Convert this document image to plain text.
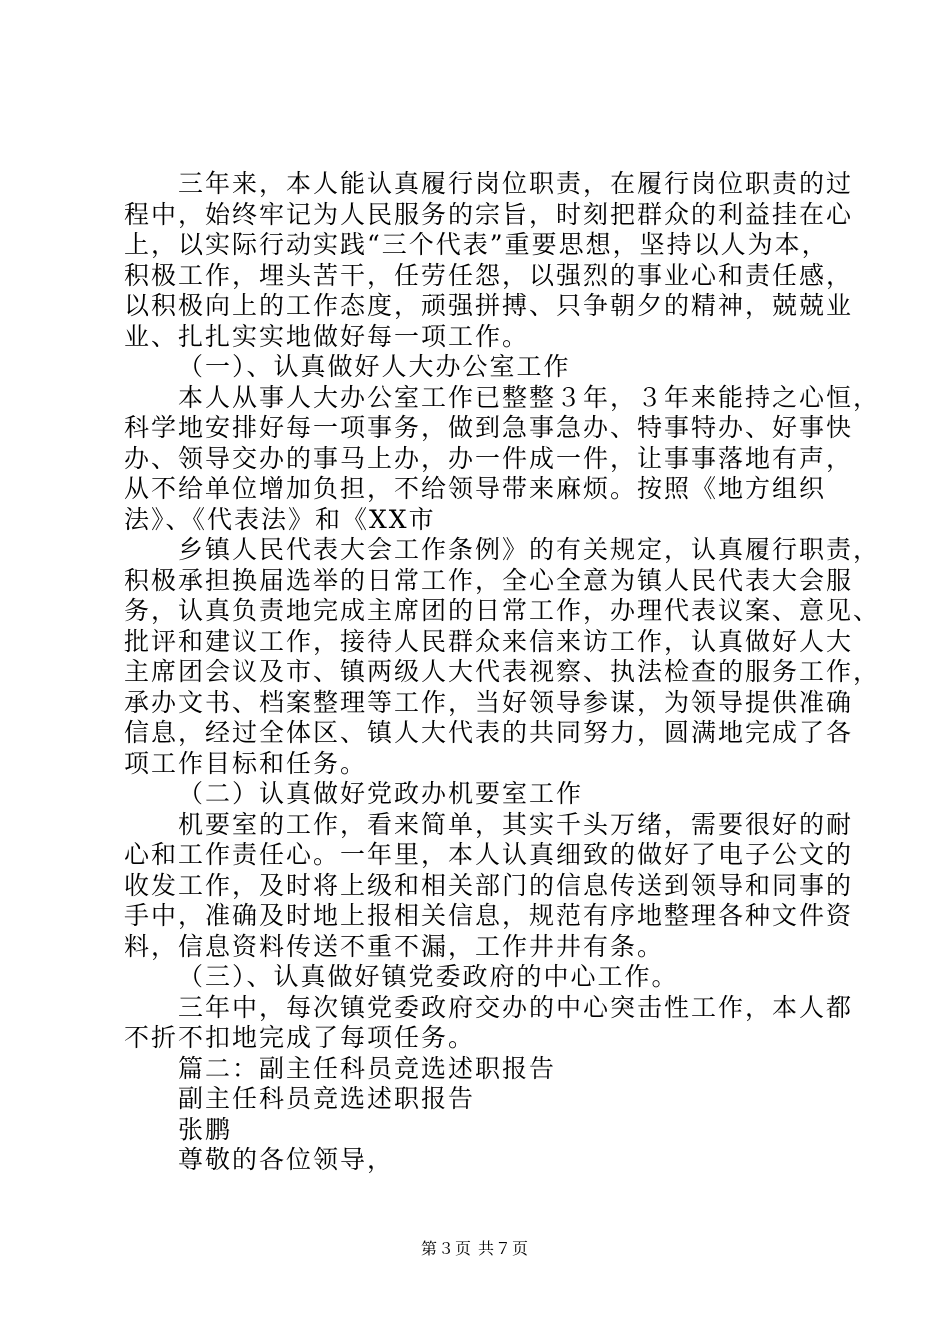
三年来，本人能认真履行岗位职责，在履行岗位职责的过
程中，始终牢记为人民服务的宗旨，时刻把群众的利益挂在心
上，以实际行动实践“三个代表”重要思想，坚持以人为本，
积极工作，埋头苦干，任劳任怨，以强烈的事业心和责任感，
以积极向上的工作态度，顽强拼搏、只争朝夕的精神，兢兢业
业、扎扎实实地做好每一项工作。
（一）、认真做好人大办公室工作
本人从事人大办公室工作已整整３年，３年来能持之心恒，
科学地安排好每一项事务，做到急事急办、特事特办、好事快
办、领导交办的事马上办，办一件成一件，让事事落地有声，
从不给单位增加负担，不给领导带来麻烦。按照《地方组织
法》、《代表法》和《XX市
乡镇人民代表大会工作条例》的有关规定，认真履行职责，
积极承担换届选举的日常工作，全心全意为镇人民代表大会服
务，认真负责地完成主席团的日常工作，办理代表议案、意见、
批评和建议工作，接待人民群众来信来访工作，认真做好人大
主席团会议及市、镇两级人大代表视察、执法检查的服务工作，
承办文书、档案整理等工作，当好领导参谋，为领导提供准确
信息，经过全体区、镇人大代表的共同努力，圆满地完成了各
项工作目标和任务。
（二）认真做好党政办机要室工作
机要室的工作，看来简单，其实千头万绪，需要很好的耐
心和工作责任心。一年里，本人认真细致的做好了电子公文的
收发工作，及时将上级和相关部门的信息传送到领导和同事的
手中，准确及时地上报相关信息，规范有序地整理各种文件资
料，信息资料传送不重不漏，工作井井有条。
（三）、认真做好镇党委政府的中心工作。
三年中，每次镇党委政府交办的中心突击性工作，本人都
不折不扣地完成了每项任务。
篇二：副主任科员竞选述职报告
副主任科员竞选述职报告
张鹏
尊敬的各位领导，
第３页 共７页
